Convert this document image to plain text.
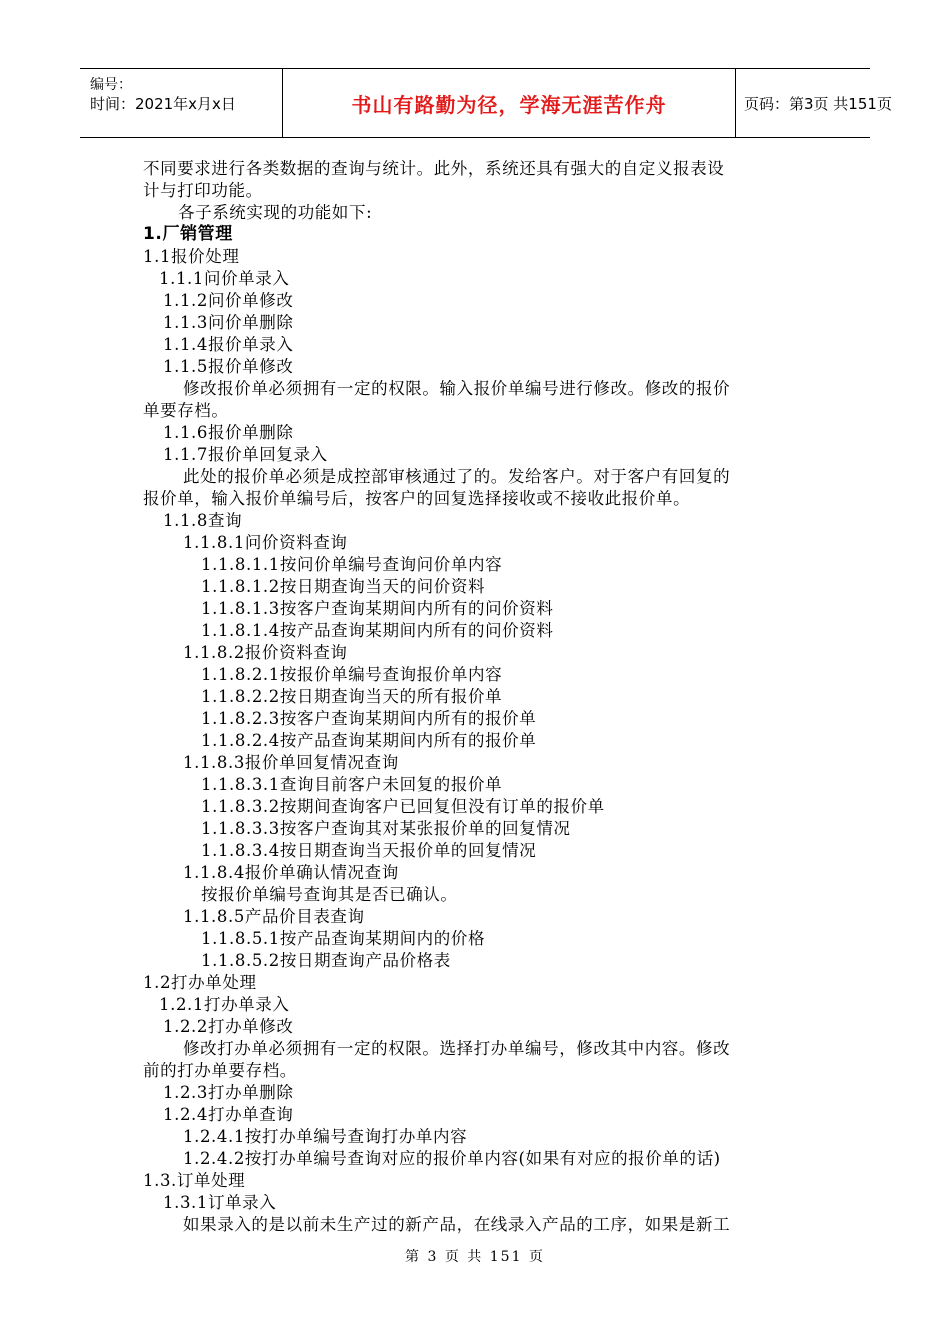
编号：
时间：2021年x月x日	书山有路勤为径，学海无涯苦作舟	页码：第3页 共151页
不同要求进行各类数据的查询与统计。此外，系统还具有强大的自定义报表设
计与打印功能。
各子系统实现的功能如下:
1.厂销管理
1.1报价处理
1.1.1问价单录入
1.1.2问价单修改
1.1.3问价单删除
1.1.4报价单录入
1.1.5报价单修改
修改报价单必须拥有一定的权限。输入报价单编号进行修改。修改的报价
单要存档。
1.1.6报价单删除
1.1.7报价单回复录入
此处的报价单必须是成控部审核通过了的。发给客户。对于客户有回复的
报价单，输入报价单编号后，按客户的回复选择接收或不接收此报价单。
1.1.8查询
1.1.8.1问价资料查询
1.1.8.1.1按问价单编号查询问价单内容
1.1.8.1.2按日期查询当天的问价资料
1.1.8.1.3按客户查询某期间内所有的问价资料
1.1.8.1.4按产品查询某期间内所有的问价资料
1.1.8.2报价资料查询
1.1.8.2.1按报价单编号查询报价单内容
1.1.8.2.2按日期查询当天的所有报价单
1.1.8.2.3按客户查询某期间内所有的报价单
1.1.8.2.4按产品查询某期间内所有的报价单
1.1.8.3报价单回复情况查询
1.1.8.3.1查询目前客户未回复的报价单
1.1.8.3.2按期间查询客户已回复但没有订单的报价单
1.1.8.3.3按客户查询其对某张报价单的回复情况
1.1.8.3.4按日期查询当天报价单的回复情况
1.1.8.4报价单确认情况查询
按报价单编号查询其是否已确认。
1.1.8.5产品价目表查询
1.1.8.5.1按产品查询某期间内的价格
1.1.8.5.2按日期查询产品价格表
1.2打办单处理
1.2.1打办单录入
1.2.2打办单修改
修改打办单必须拥有一定的权限。选择打办单编号，修改其中内容。修改
前的打办单要存档。
1.2.3打办单删除
1.2.4打办单查询
1.2.4.1按打办单编号查询打办单内容
1.2.4.2按打办单编号查询对应的报价单内容(如果有对应的报价单的话)
1.3.订单处理
1.3.1订单录入
如果录入的是以前未生产过的新产品，在线录入产品的工序，如果是新工
第 3 页 共 151 页
